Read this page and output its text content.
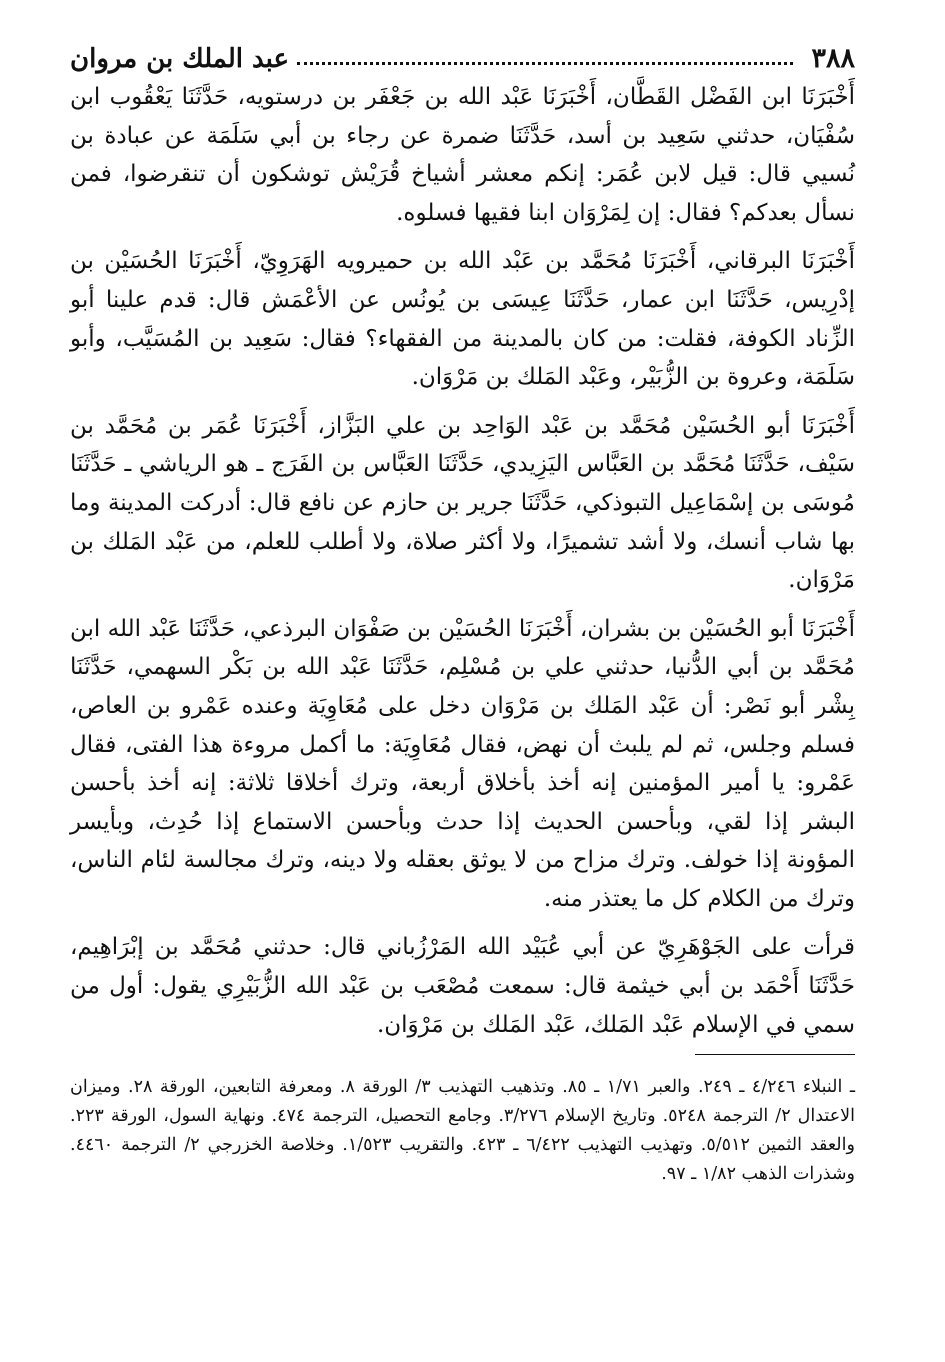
٣٨٨
عبد الملك بن مروان

أَخْبَرَنَا ابن الفَضْل القَطَّان، أَخْبَرَنَا عَبْد الله بن جَعْفَر بن درستويه، حَدَّثَنَا يَعْقُوب ابن سُفْيَان، حدثني سَعِيد بن أسد، حَدَّثَنَا ضمرة عن رجاء بن أبي سَلَمَة عن عبادة بن نُسيي قال: قيل لابن عُمَر: إنكم معشر أشياخ قُرَيْش توشكون أن تنقرضوا، فمن نسأل بعدكم؟ فقال: إن لِمَرْوَان ابنا فقيها فسلوه.

أَخْبَرَنَا البرقاني، أَخْبَرَنَا مُحَمَّد بن عَبْد الله بن حميرويه الهَرَوِيّ، أَخْبَرَنَا الحُسَيْن بن إدْرِيس، حَدَّثَنَا ابن عمار، حَدَّثَنَا عِيسَى بن يُونُس عن الأعْمَش قال: قدم علينا أبو الزِّناد الكوفة، فقلت: من كان بالمدينة من الفقهاء؟ فقال: سَعِيد بن المُسَيَّب، وأبو سَلَمَة، وعروة بن الزُّبَيْر، وعَبْد المَلك بن مَرْوَان.

أَخْبَرَنَا أبو الحُسَيْن مُحَمَّد بن عَبْد الوَاحِد بن علي البَزَّاز، أَخْبَرَنَا عُمَر بن مُحَمَّد بن سَيْف، حَدَّثَنَا مُحَمَّد بن العَبَّاس اليَزِيدي، حَدَّثَنَا العَبَّاس بن الفَرَج ـ هو الرياشي ـ حَدَّثَنَا مُوسَى بن إسْمَاعِيل التبوذكي، حَدَّثَنَا جرير بن حازم عن نافع قال: أدركت المدينة وما بها شاب أنسك، ولا أشد تشميرًا، ولا أكثر صلاة، ولا أطلب للعلم، من عَبْد المَلك بن مَرْوَان.

أَخْبَرَنَا أبو الحُسَيْن بن بشران، أَخْبَرَنَا الحُسَيْن بن صَفْوَان البرذعي، حَدَّثَنَا عَبْد الله ابن مُحَمَّد بن أبي الدُّنيا، حدثني علي بن مُسْلِم، حَدَّثَنَا عَبْد الله بن بَكْر السهمي، حَدَّثَنَا بِشْر أبو نَصْر: أن عَبْد المَلك بن مَرْوَان دخل على مُعَاوِيَة وعنده عَمْرو بن العاص، فسلم وجلس، ثم لم يلبث أن نهض، فقال مُعَاوِيَة: ما أكمل مروءة هذا الفتى، فقال عَمْرو: يا أمير المؤمنين إنه أخذ بأخلاق أربعة، وترك أخلاقا ثلاثة: إنه أخذ بأحسن البشر إذا لقي، وبأحسن الحديث إذا حدث وبأحسن الاستماع إذا حُدِث، وبأيسر المؤونة إذا خولف. وترك مزاح من لا يوثق بعقله ولا دينه، وترك مجالسة لئام الناس، وترك من الكلام كل ما يعتذر منه.

قرأت على الجَوْهَرِيّ عن أبي عُبَيْد الله المَرْزُباني قال: حدثني مُحَمَّد بن إبْرَاهِيم، حَدَّثَنَا أَحْمَد بن أبي خيثمة قال: سمعت مُصْعَب بن عَبْد الله الزُّبَيْرِي يقول: أول من سمي في الإسلام عَبْد المَلك، عَبْد المَلك بن مَرْوَان.

ـ النبلاء ٤/٢٤٦ ـ ٢٤٩. والعبر ١/٧١ ـ ٨٥. وتذهيب التهذيب ٣/ الورقة ٨. ومعرفة التابعين، الورقة ٢٨. وميزان الاعتدال ٢/ الترجمة ٥٢٤٨. وتاريخ الإسلام ٣/٢٧٦. وجامع التحصيل، الترجمة ٤٧٤. ونهاية السول، الورقة ٢٢٣. والعقد الثمين ٥/٥١٢. وتهذيب التهذيب ٦/٤٢٢ ـ ٤٢٣. والتقريب ١/٥٢٣. وخلاصة الخزرجي ٢/ الترجمة ٤٤٦٠. وشذرات الذهب ١/٨٢ ـ ٩٧.
